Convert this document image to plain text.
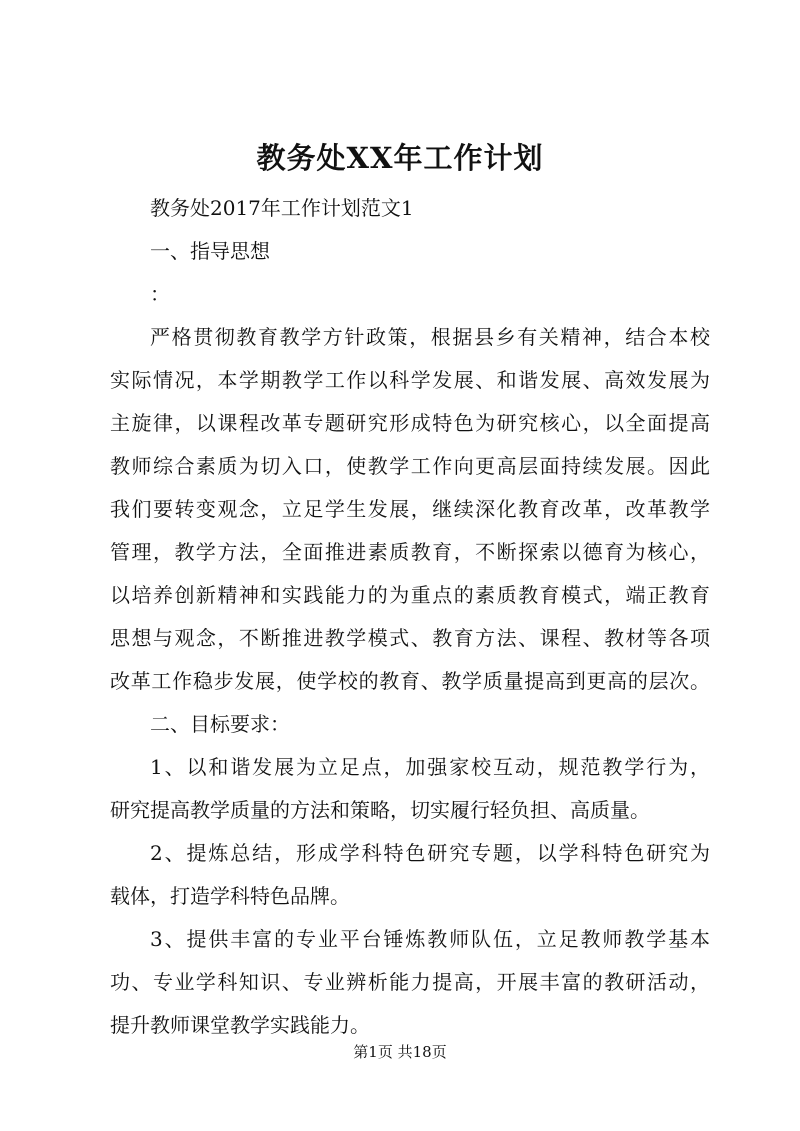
教务处XX年工作计划
教务处2017年工作计划范文1
一、指导思想
：
严格贯彻教育教学方针政策，根据县乡有关精神，结合本校
实际情况，本学期教学工作以科学发展、和谐发展、高效发展为
主旋律，以课程改革专题研究形成特色为研究核心，以全面提高
教师综合素质为切入口，使教学工作向更高层面持续发展。因此
我们要转变观念，立足学生发展，继续深化教育改革，改革教学
管理，教学方法，全面推进素质教育，不断探索以德育为核心，
以培养创新精神和实践能力的为重点的素质教育模式，端正教育
思想与观念，不断推进教学模式、教育方法、课程、教材等各项
改革工作稳步发展，使学校的教育、教学质量提高到更高的层次。
二、目标要求：
1、以和谐发展为立足点，加强家校互动，规范教学行为，
研究提高教学质量的方法和策略，切实履行轻负担、高质量。
2、提炼总结，形成学科特色研究专题，以学科特色研究为
载体，打造学科特色品牌。
3、提供丰富的专业平台锤炼教师队伍，立足教师教学基本
功、专业学科知识、专业辨析能力提高，开展丰富的教研活动，
提升教师课堂教学实践能力。
第1页 共18页
